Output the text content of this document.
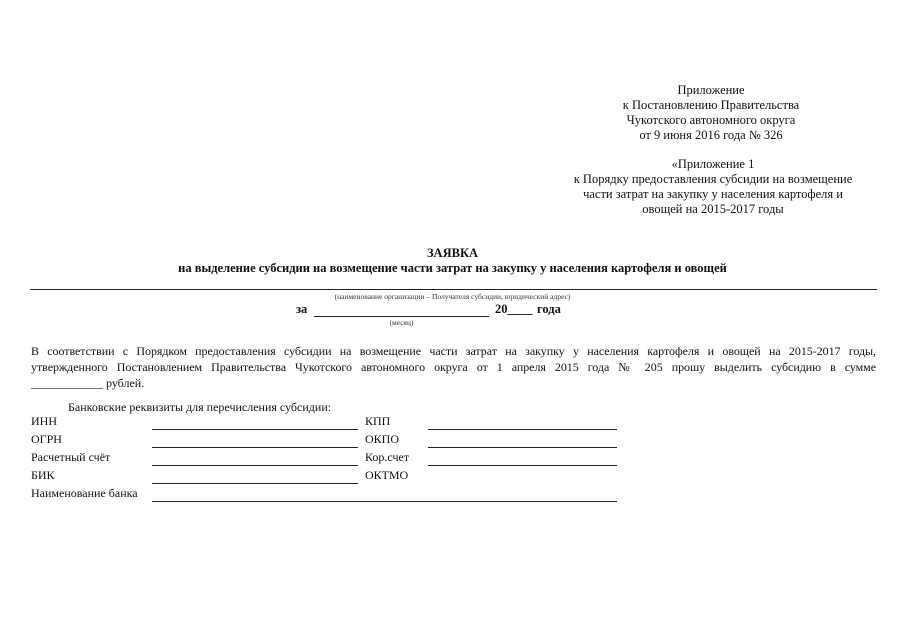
Приложение
к Постановлению Правительства
Чукотского автономного округа
от 9 июня 2016 года № 326
«Приложение 1
к Порядку предоставления субсидии на возмещение
части затрат на закупку у населения картофеля и
овощей на 2015-2017 годы
ЗАЯВКА
на выделение субсидии на возмещение части затрат на закупку у населения картофеля и овощей
(наименование организации – Получателя субсидии, юридический адрес)
за	20____ года
(месяц)
В соответствии с Порядком предоставления субсидии на возмещение части затрат на закупку у населения картофеля и овощей на 2015-2017 годы,
утвержденного Постановлением Правительства Чукотского автономного округа от 1 апреля 2015 года № 205 прошу выделить субсидию в сумме
____________ рублей.
Банковские реквизиты для перечисления субсидии:
ИНН	КПП
ОГРН	ОКПО
Расчетный счёт	Кор.счет
БИК	ОКТМО
Наименование банка
